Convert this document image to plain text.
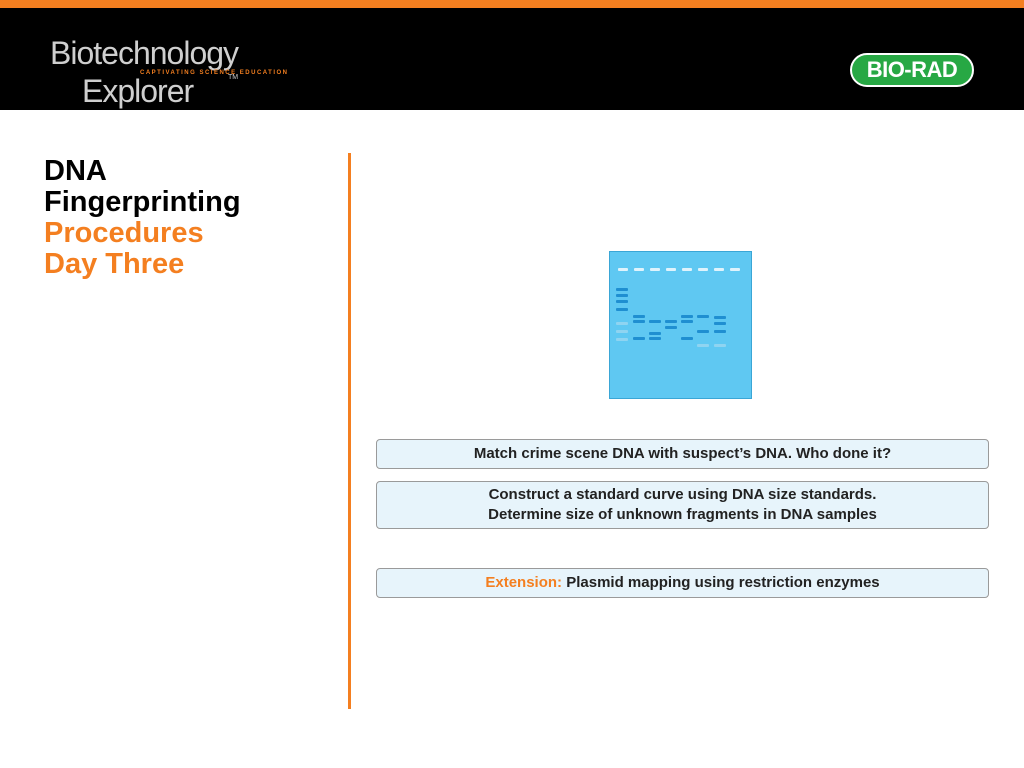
Biotechnology
CAPTIVATING SCIENCE EDUCATION
Explorer	TM	BIO-RAD
DNA
Fingerprinting
Procedures
Day Three
Match crime scene DNA with suspect’s DNA. Who done it?
Construct a standard curve using DNA size standards.
Determine size of unknown fragments in DNA samples
Extension:
Plasmid mapping using restriction enzymes
